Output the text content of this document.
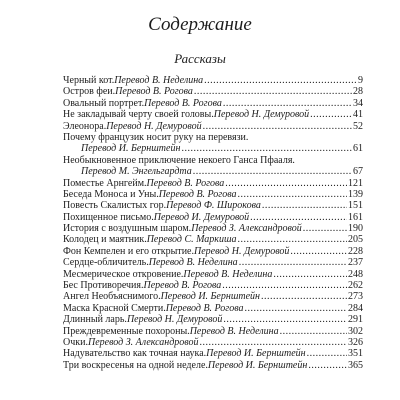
Содержание
Рассказы
Черный кот. Перевод В. Неделина .....	9
Остров феи. Перевод В. Рогова .....	28
Овальный портрет. Перевод В. Рогова .....	34
Не закладывай черту своей головы. Перевод Н. Демуровой .....	41
Элеонора. Перевод Н. Демуровой .....	52
Почему французик носит руку на перевязи.
Перевод И. Бернштейн .....	61
Необыкновенное приключение некоего Ганса Пфааля.
Перевод М. Энгельгардта .....	67
Поместье Арнгейм. Перевод В. Рогова .....	121
Беседа Моноса и Уны. Перевод В. Рогова .....	139
Повесть Скалистых гор. Перевод Ф. Широкова .....	151
Похищенное письмо. Перевод И. Демуровой .....	161
История с воздушным шаром. Перевод З. Александровой .....	190
Колодец и маятник. Перевод С. Маркиша .....	205
Фон Кемпелен и его открытие. Перевод Н. Демуровой .....	228
Сердце-обличитель. Перевод В. Неделина .....	237
Месмерическое откровение. Перевод В. Неделина .....	248
Бес Противоречия. Перевод В. Рогова .....	262
Ангел Необъяснимого. Перевод И. Бернштейн .....	273
Маска Красной Смерти. Перевод В. Рогова .....	284
Длинный ларь. Перевод Н. Демуровой .....	291
Преждевременные похороны. Перевод В. Неделина .....	302
Очки. Перевод З. Александровой .....	326
Надувательство как точная наука. Перевод И. Бернштейн .....	351
Три воскресенья на одной неделе. Перевод И. Бернштейн .....	365
